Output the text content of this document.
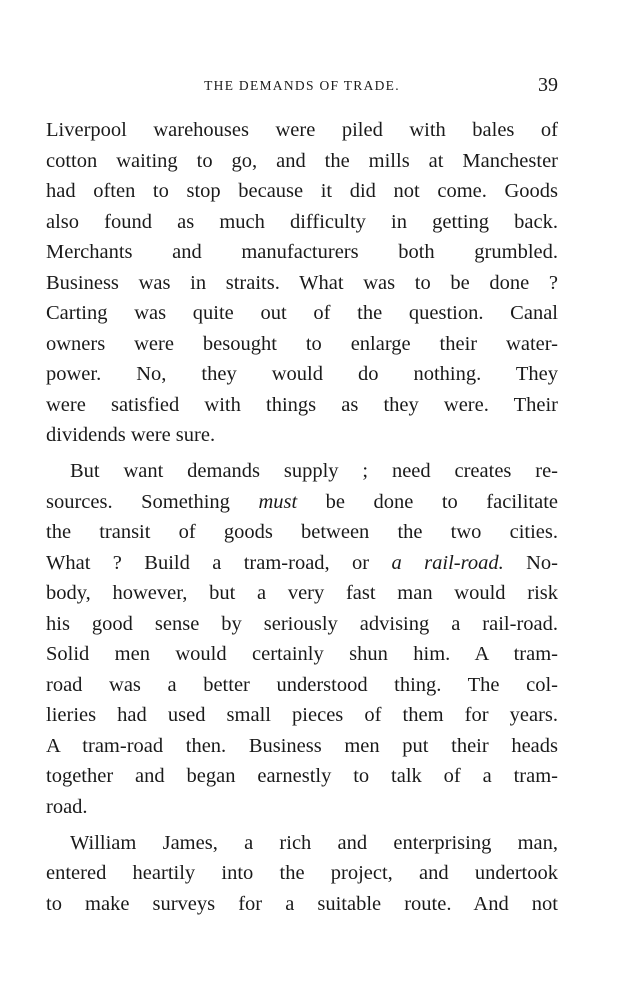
THE DEMANDS OF TRADE.	39
Liverpool warehouses were piled with bales of
cotton waiting to go, and the mills at Manchester
had often to stop because it did not come. Goods
also found as much difficulty in getting back.
Merchants and manufacturers both grumbled.
Business was in straits. What was to be done ?
Carting was quite out of the question. Canal
owners were besought to enlarge their water-
power. No, they would do nothing. They
were satisfied with things as they were. Their
dividends were sure.
But want demands supply ; need creates re-
sources. Something must be done to facilitate
the transit of goods between the two cities.
What ? Build a tram-road, or a rail-road. No-
body, however, but a very fast man would risk
his good sense by seriously advising a rail-road.
Solid men would certainly shun him. A tram-
road was a better understood thing. The col-
lieries had used small pieces of them for years.
A tram-road then. Business men put their heads
together and began earnestly to talk of a tram-
road.
William James, a rich and enterprising man,
entered heartily into the project, and undertook
to make surveys for a suitable route. And not
